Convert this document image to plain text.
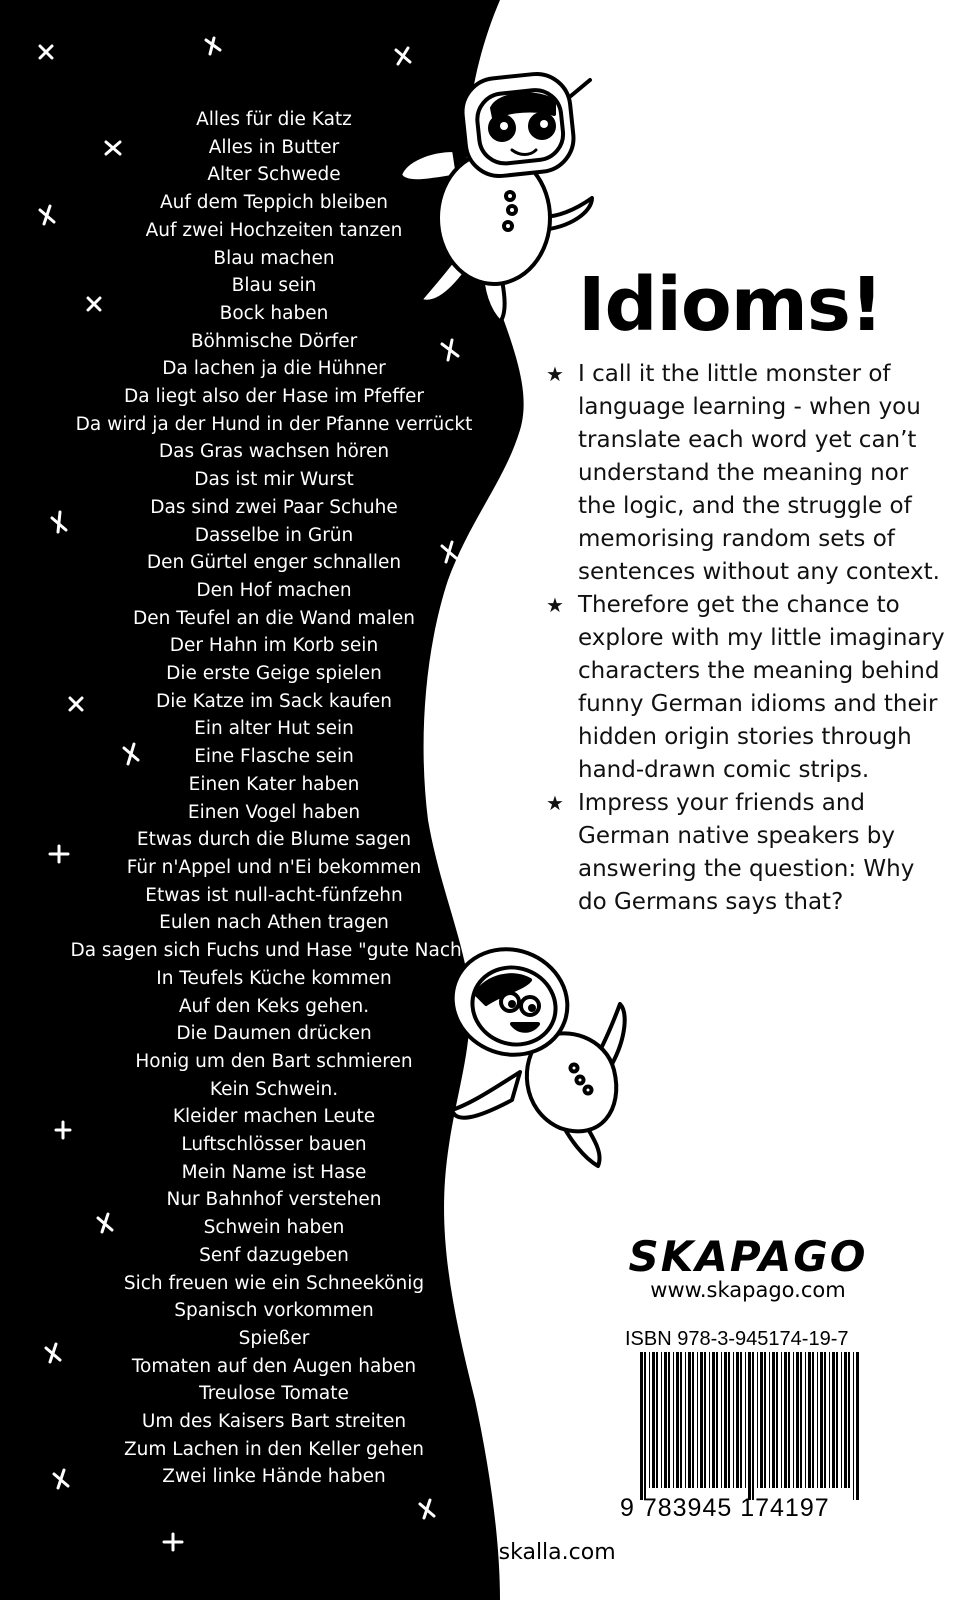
Alles für die Katz
Alles in Butter
Alter Schwede
Auf dem Teppich bleiben
Auf zwei Hochzeiten tanzen
Blau machen
Blau sein
Bock haben
Böhmische Dörfer
Da lachen ja die Hühner
Da liegt also der Hase im Pfeffer
Da wird ja der Hund in der Pfanne verrückt
Das Gras wachsen hören
Das ist mir Wurst
Das sind zwei Paar Schuhe
Dasselbe in Grün
Den Gürtel enger schnallen
Den Hof machen
Den Teufel an die Wand malen
Der Hahn im Korb sein
Die erste Geige spielen
Die Katze im Sack kaufen
Ein alter Hut sein
Eine Flasche sein
Einen Kater haben
Einen Vogel haben
Etwas durch die Blume sagen
Für n'Appel und n'Ei bekommen
Etwas ist null-acht-fünfzehn
Eulen nach Athen tragen
Da sagen sich Fuchs und Hase "gute Nacht"
In Teufels Küche kommen
Auf den Keks gehen.
Die Daumen drücken
Honig um den Bart schmieren
Kein Schwein.
Kleider machen Leute
Luftschlösser bauen
Mein Name ist Hase
Nur Bahnhof verstehen
Schwein haben
Senf dazugeben
Sich freuen wie ein Schneekönig
Spanisch vorkommen
Spießer
Tomaten auf den Augen haben
Treulose Tomate
Um des Kaisers Bart streiten
Zum Lachen in den Keller gehen
Zwei linke Hände haben
Idioms!
★ I call it the little monster of language learning - when you translate each word yet can’t understand the meaning nor the logic, and the struggle of memorising random sets of sentences without any context.
★ Therefore get the chance to explore with my little imaginary characters the meaning behind funny German idioms and their hidden origin stories through hand-drawn comic strips.
★ Impress your friends and German native speakers by answering the question: Why do Germans says that?
SKAPAGO
www.skapago.com
ISBN 978-3-945174-19-7
9 783945 174197
www.abduskalla.com
